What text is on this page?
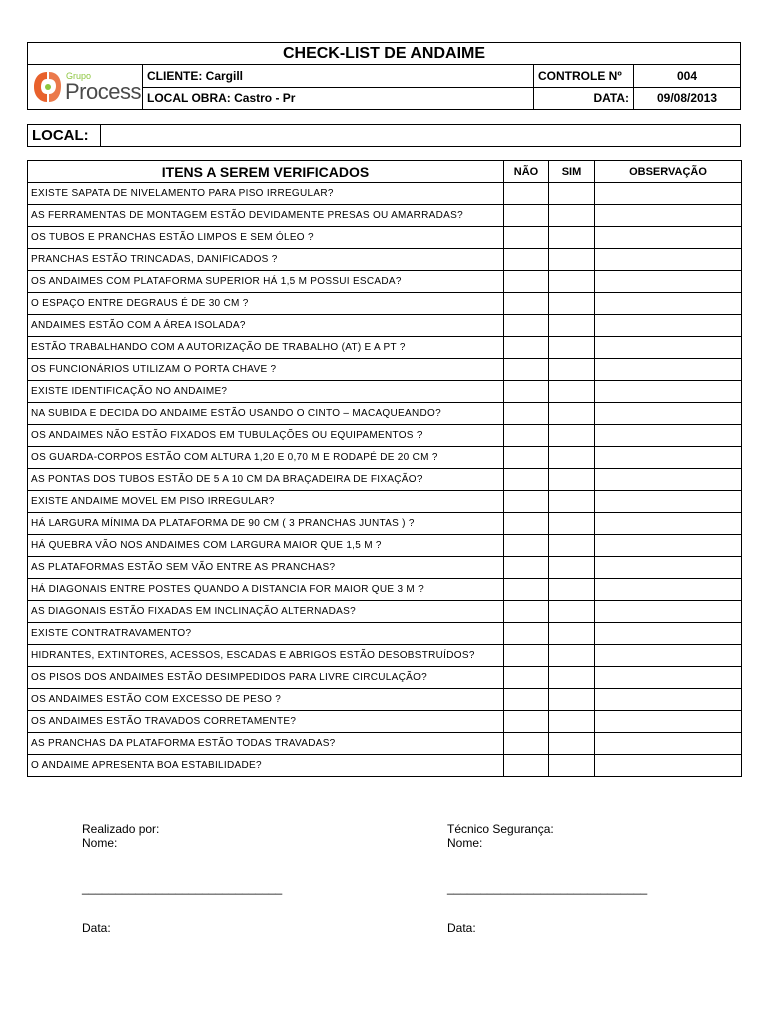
CHECK-LIST DE ANDAIME			

Grupo
Process	CLIENTE: Cargill	CONTROLE Nº	004
	LOCAL OBRA: Castro - Pr	DATA:	09/08/2013
LOCAL:	
ITENS A SEREM VERIFICADOS	NÃO	SIM	OBSERVAÇÃO
EXISTE SAPATA DE NIVELAMENTO PARA PISO IRREGULAR?			
AS FERRAMENTAS DE MONTAGEM ESTÃO DEVIDAMENTE PRESAS OU AMARRADAS?			
OS TUBOS E PRANCHAS ESTÃO LIMPOS E SEM ÓLEO ?			
PRANCHAS ESTÃO TRINCADAS, DANIFICADOS ?			
OS ANDAIMES COM PLATAFORMA SUPERIOR HÁ 1,5 M POSSUI ESCADA?			
O ESPAÇO ENTRE DEGRAUS É DE 30 CM ?			
ANDAIMES ESTÃO COM A ÁREA ISOLADA?			
ESTÃO TRABALHANDO COM A AUTORIZAÇÃO DE TRABALHO (AT) E A PT ?			
OS FUNCIONÁRIOS UTILIZAM O PORTA CHAVE ?			
EXISTE IDENTIFICAÇÃO NO ANDAIME?			
NA SUBIDA E DECIDA DO ANDAIME ESTÃO USANDO O CINTO – MACAQUEANDO?			
OS ANDAIMES NÃO ESTÃO FIXADOS EM TUBULAÇÕES OU EQUIPAMENTOS ?			
OS GUARDA-CORPOS ESTÃO COM ALTURA 1,20 E 0,70 M E RODAPÉ DE 20 CM ?			
AS PONTAS DOS TUBOS ESTÃO DE 5 A 10 CM DA BRAÇADEIRA DE FIXAÇÃO?			
EXISTE ANDAIME MOVEL EM PISO IRREGULAR?			
HÁ LARGURA MÍNIMA DA PLATAFORMA DE 90 CM ( 3 PRANCHAS JUNTAS ) ?			
HÁ QUEBRA VÃO NOS ANDAIMES COM LARGURA MAIOR QUE 1,5 M ?			
AS PLATAFORMAS ESTÃO SEM VÃO ENTRE AS PRANCHAS?			
HÁ DIAGONAIS ENTRE POSTES QUANDO A DISTANCIA FOR MAIOR QUE 3 M ?			
AS DIAGONAIS ESTÃO FIXADAS EM INCLINAÇÃO ALTERNADAS?			
EXISTE CONTRATRAVAMENTO?			
HIDRANTES, EXTINTORES, ACESSOS, ESCADAS E ABRIGOS ESTÃO DESOBSTRUÍDOS?			
OS PISOS DOS ANDAIMES ESTÃO DESIMPEDIDOS PARA LIVRE CIRCULAÇÃO?			
OS ANDAIMES ESTÃO COM EXCESSO DE PESO ?			
OS ANDAIMES ESTÃO TRAVADOS CORRETAMENTE?			
AS PRANCHAS DA PLATAFORMA ESTÃO TODAS TRAVADAS?			
O ANDAIME APRESENTA BOA ESTABILIDADE?			
Realizado por:
Nome:
______________________________
Data:
Técnico Segurança:
Nome:
______________________________
Data:
